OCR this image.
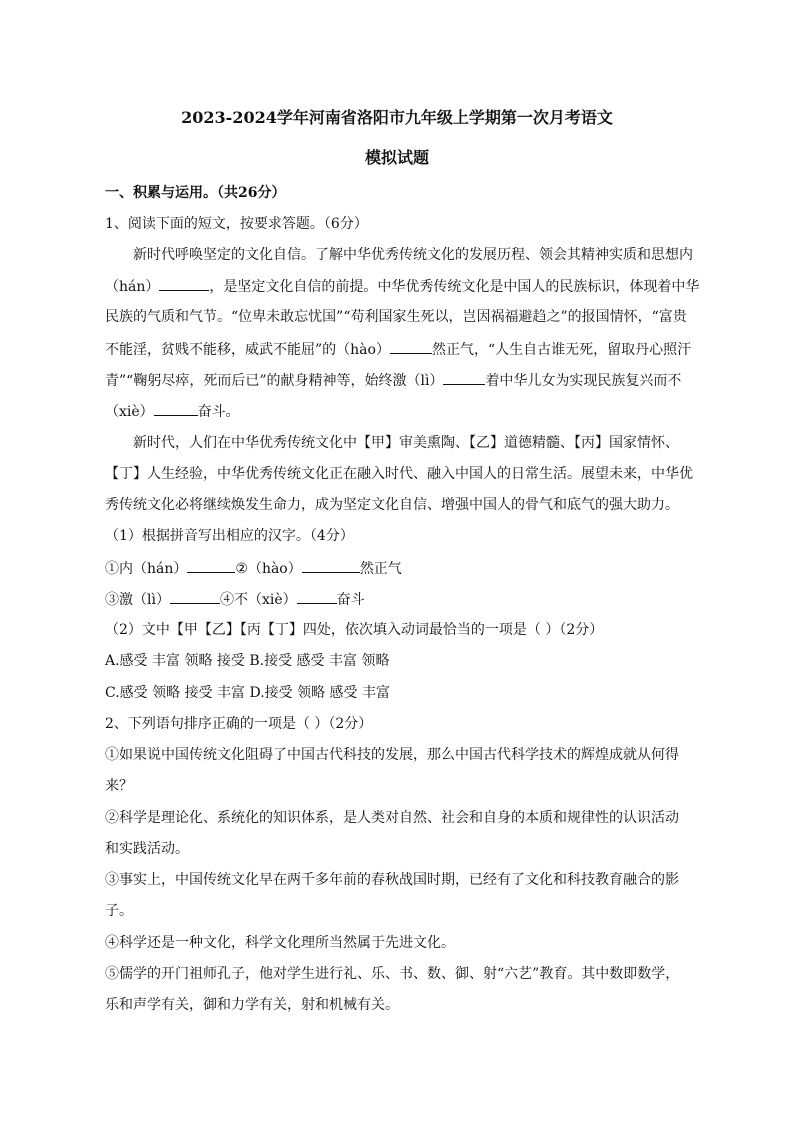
2023-2024学年河南省洛阳市九年级上学期第一次月考语文
模拟试题
一、积累与运用。（共26分）
1、阅读下面的短文，按要求答题。（6分）
新时代呼唤坚定的文化自信。了解中华优秀传统文化的发展历程、领会其精神实质和思想内
（hán）	，是坚定文化自信的前提。中华优秀传统文化是中国人的民族标识，体现着中华
民族的气质和气节。“位卑未敢忘忧国”“苟利国家生死以，岂因祸福避趋之”的报国情怀，“富贵
不能淫，贫贱不能移，威武不能屈”的（hào）	然正气，“人生自古谁无死，留取丹心照汗
青”“鞠躬尽瘁，死而后已”的献身精神等，始终激（lì）	着中华儿女为实现民族复兴而不
（xiè）	奋斗。
新时代，人们在中华优秀传统文化中【甲】审美熏陶、【乙】道德精髓、【丙】国家情怀、
【丁】人生经验，中华优秀传统文化正在融入时代、融入中国人的日常生活。展望未来，中华优
秀传统文化必将继续焕发生命力，成为坚定文化自信、增强中国人的骨气和底气的强大助力。
（1）根据拼音写出相应的汉字。（4分）
①内（hán）	②（hào）	然正气
③激（lì）	④不（xiè）	奋斗
（2）文中【甲【乙】【丙【丁】四处，依次填入动词最恰当的一项是（ ）（2分）
A.感受 丰富 领略 接受 B.接受 感受 丰富 领略
C.感受 领略 接受 丰富 D.接受 领略 感受 丰富
2、下列语句排序正确的一项是（ ）（2分）
①如果说中国传统文化阻碍了中国古代科技的发展，那么中国古代科学技术的辉煌成就从何得
来？
②科学是理论化、系统化的知识体系，是人类对自然、社会和自身的本质和规律性的认识活动
和实践活动。
③事实上，中国传统文化早在两千多年前的春秋战国时期，已经有了文化和科技教育融合的影
子。
④科学还是一种文化，科学文化理所当然属于先进文化。
⑤儒学的开门祖师孔子，他对学生进行礼、乐、书、数、御、射“六艺”教育。其中数即数学，
乐和声学有关，御和力学有关，射和机械有关。
